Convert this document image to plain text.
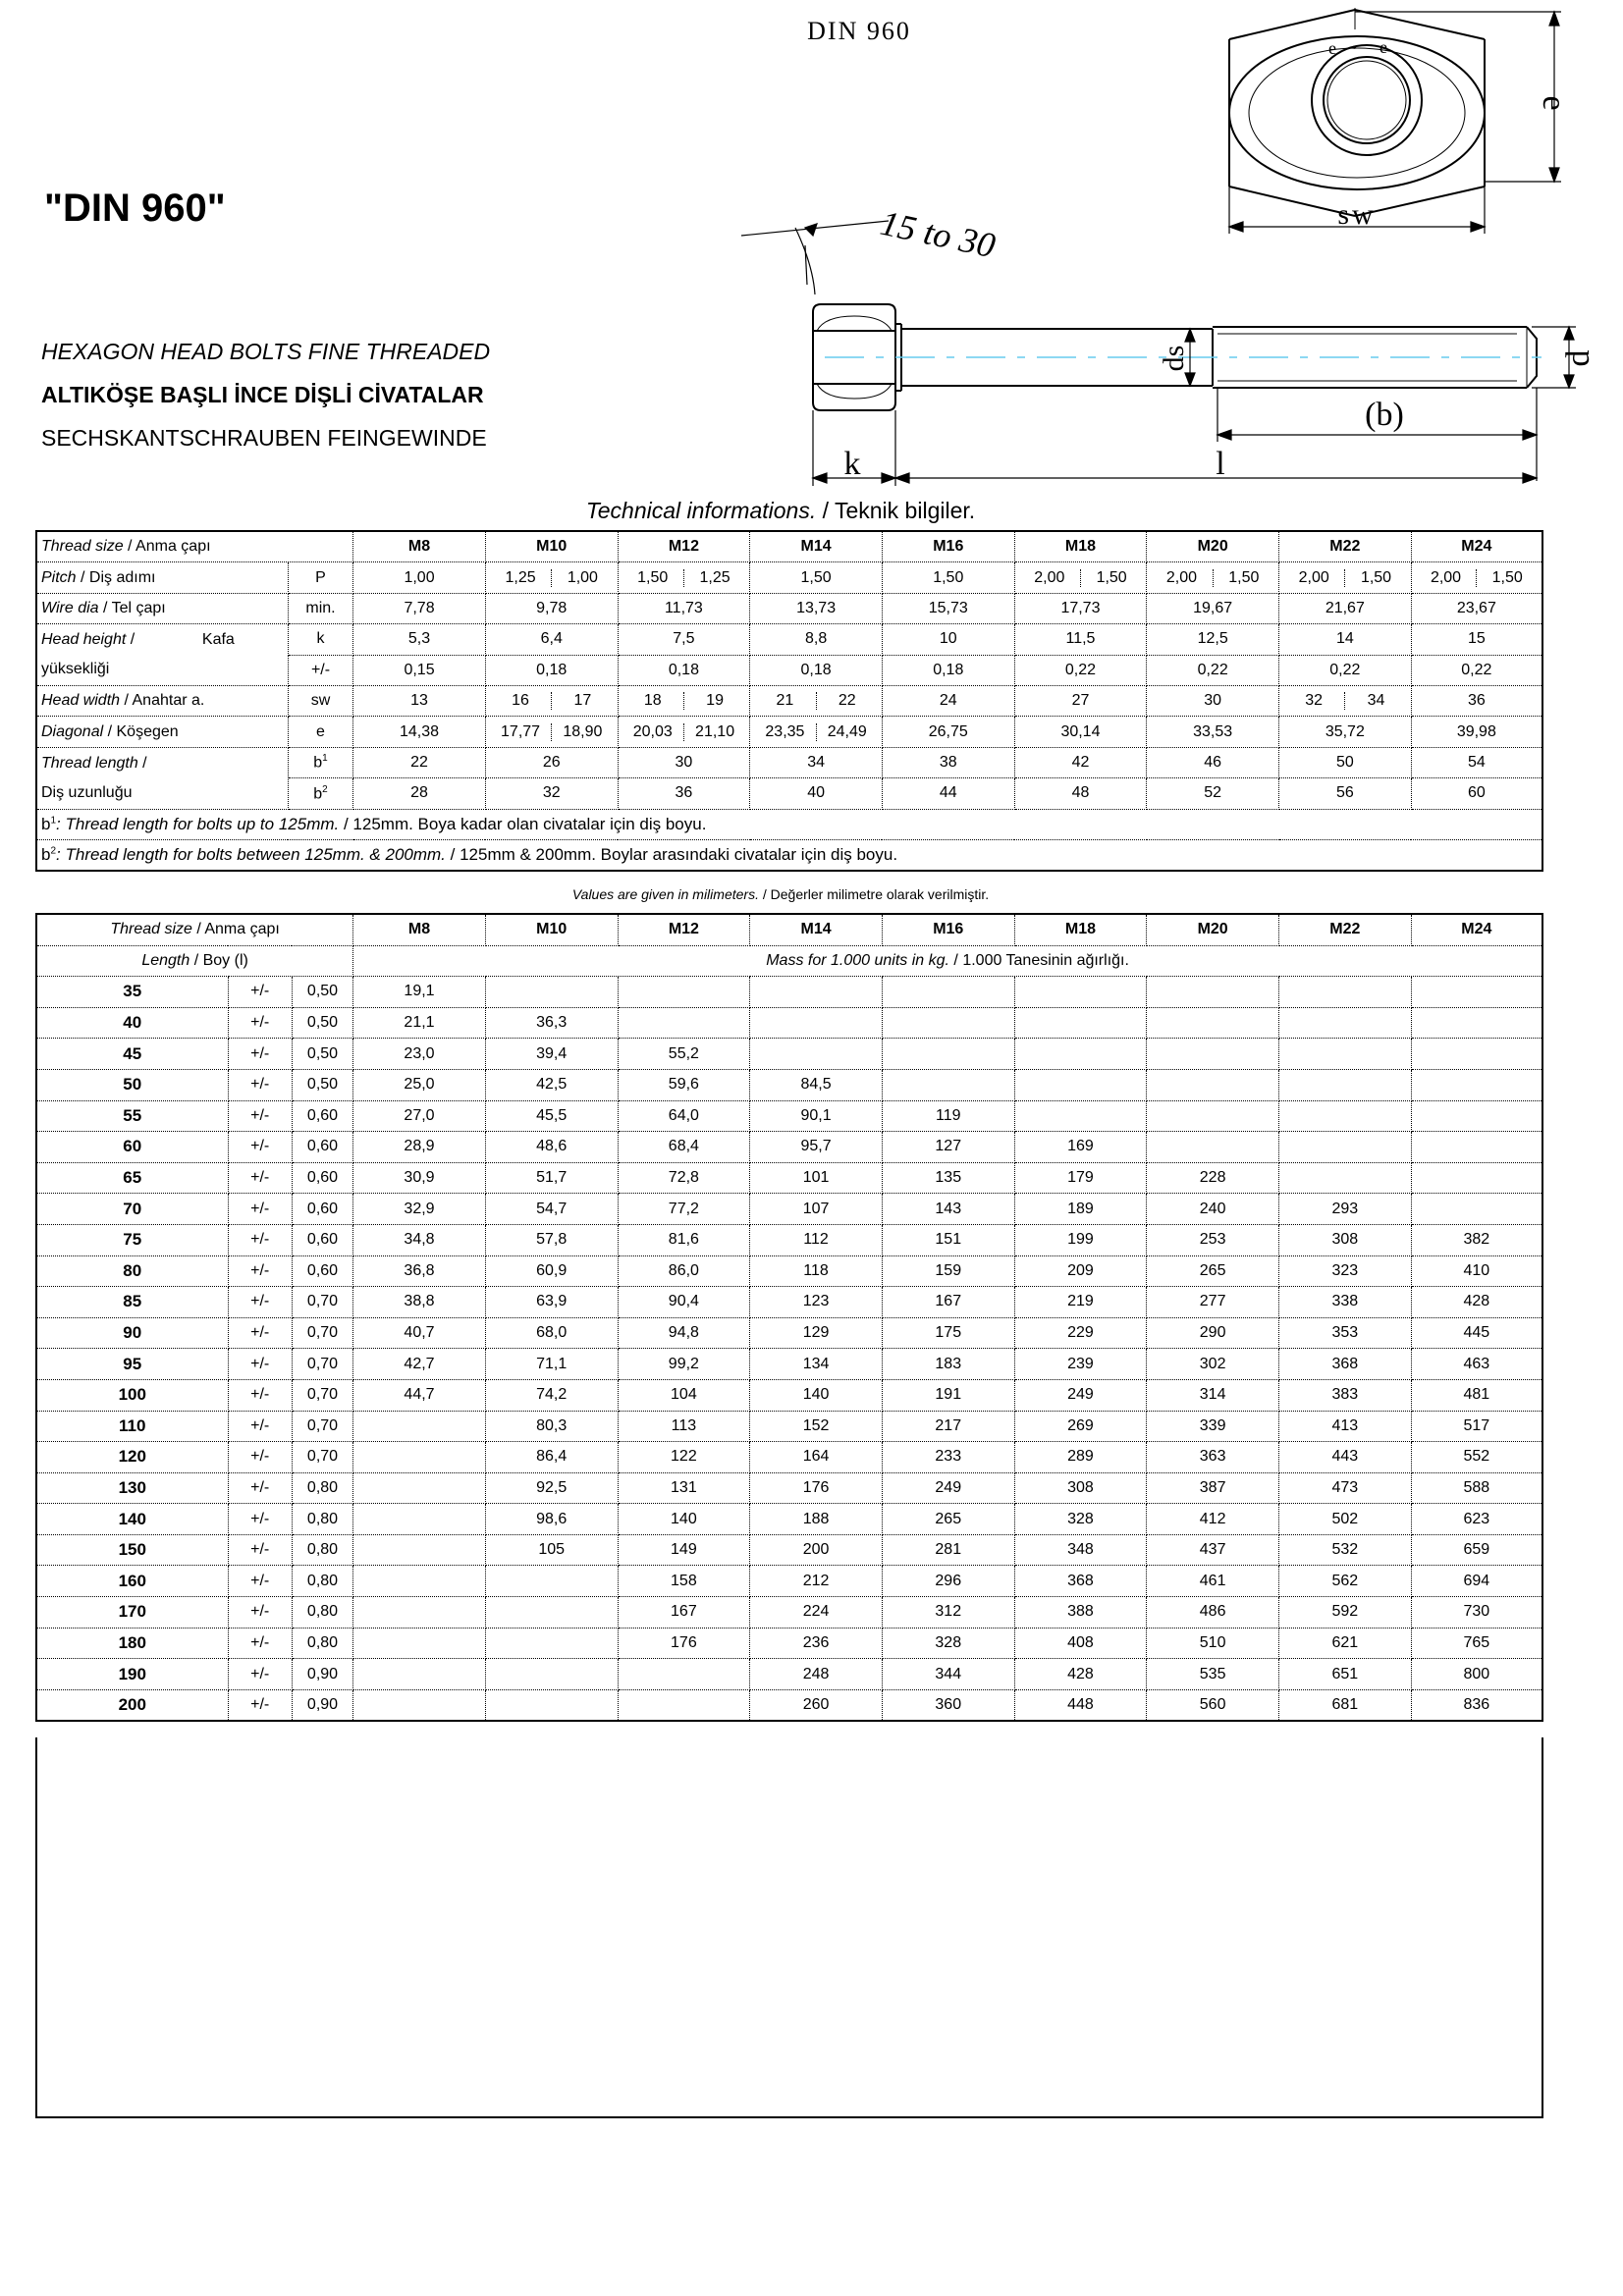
DIN 960
e • e
e
sw
15 to 30
ds	d
(b)
k	l
"DIN 960"
HEXAGON HEAD BOLTS FINE THREADED
ALTIKÖŞE BAŞLI İNCE DİŞLİ CİVATALAR
SECHSKANTSCHRAUBEN FEINGEWINDE
Technical informations. / Teknik bilgiler.
Thread size / Anma çapı		M8	M10	M12	M14	M16	M18	M20	M22	M24
Pitch / Diş adımı	P	1,00	1,25 1,00	1,50 1,25	1,50	1,50	2,00 1,50	2,00 1,50	2,00 1,50	2,00 1,50

Wire dia / Tel çapı	min.	7,78	9,78	11,73	13,73	15,73	17,73	19,67	21,67	23,67

Head height / Kafa
yüksekliği	k	5,3	6,4	7,5	8,8	10	11,5	12,5	14	15
	+/-	0,15	0,18	0,18	0,18	0,18	0,22	0,22	0,22	0,22
Head width / Anahtar a.	sw	13	16 17	18 19	21 22	24	27	30	32 34	36
Diagonal / Köşegen	e	14,38	17,77 18,90	20,03 21,10	23,35 24,49	26,75	30,14	33,53	35,72	39,98

Thread length /
Diş uzunluğu	$b^1$	22	26	30	34	38	42	46	50	54
	$b^2$	28	32	36	40	44	48	52	56	60
$b^1$: Thread length for bolts up to 125mm. / 125mm. Boya kadar olan civatalar için diş boyu.										
$b^2$: Thread length for bolts between 125mm. & 200mm. / 125mm & 200mm. Boylar arasındaki civatalar için diş boyu.										
Values are given in milimeters. / Değerler milimetre olarak verilmiştir.
Thread size / Anma çapı			M8	M10	M12	M14	M16	M18	M20	M22	M24
Length / Boy (l)			Mass for 1.000 units in kg. / 1.000 Tanesinin ağırlığı.								
35	+/-	0,50	19,1								
40	+/-	0,50	21,1	36,3							
45	+/-	0,50	23,0	39,4	55,2						
50	+/-	0,50	25,0	42,5	59,6	84,5					
55	+/-	0,60	27,0	45,5	64,0	90,1	119				
60	+/-	0,60	28,9	48,6	68,4	95,7	127	169			
65	+/-	0,60	30,9	51,7	72,8	101	135	179	228		
70	+/-	0,60	32,9	54,7	77,2	107	143	189	240	293	
75	+/-	0,60	34,8	57,8	81,6	112	151	199	253	308	382
80	+/-	0,60	36,8	60,9	86,0	118	159	209	265	323	410
85	+/-	0,70	38,8	63,9	90,4	123	167	219	277	338	428
90	+/-	0,70	40,7	68,0	94,8	129	175	229	290	353	445
95	+/-	0,70	42,7	71,1	99,2	134	183	239	302	368	463
100	+/-	0,70	44,7	74,2	104	140	191	249	314	383	481
110	+/-	0,70		80,3	113	152	217	269	339	413	517
120	+/-	0,70		86,4	122	164	233	289	363	443	552
130	+/-	0,80		92,5	131	176	249	308	387	473	588
140	+/-	0,80		98,6	140	188	265	328	412	502	623
150	+/-	0,80		105	149	200	281	348	437	532	659
160	+/-	0,80			158	212	296	368	461	562	694
170	+/-	0,80			167	224	312	388	486	592	730
180	+/-	0,80			176	236	328	408	510	621	765
190	+/-	0,90				248	344	428	535	651	800
200	+/-	0,90				260	360	448	560	681	836
